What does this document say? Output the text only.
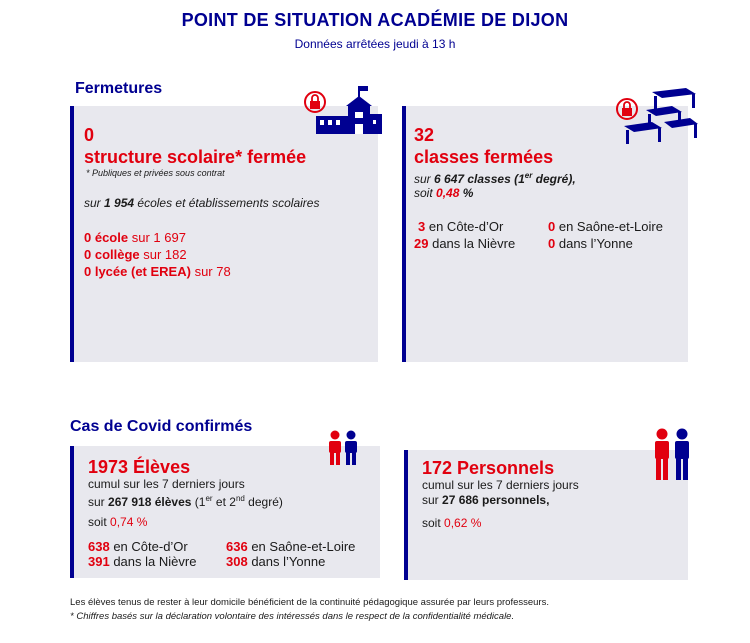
POINT DE SITUATION ACADÉMIE DE DIJON
Données arrêtées jeudi à 13 h
Fermetures
0
structure scolaire* fermée
* Publiques et privées sous contrat
sur 1 954 écoles et établissements scolaires
0 école sur 1 697
0 collège sur 182
0 lycée (et EREA) sur 78
32
classes fermées
sur 6 647 classes (1er degré),
soit 0,48 %
3 en Côte-d’Or	0 en Saône-et-Loire
29 dans la Nièvre	0 dans l’Yonne
Cas de Covid confirmés
1973 Élèves
cumul sur les 7 derniers jours
sur 267 918 élèves (1er et 2nd degré)
soit 0,74 %
638 en Côte-d’Or	636 en Saône-et-Loire
391 dans la Nièvre 308 dans l’Yonne
172 Personnels
cumul sur les 7 derniers jours
sur 27 686 personnels,
soit 0,62 %
Les élèves tenus de rester à leur domicile bénéficient de la continuité pédagogique assurée par leurs professeurs.
* Chiffres basés sur la déclaration volontaire des intéressés dans le respect de la confidentialité médicale.
